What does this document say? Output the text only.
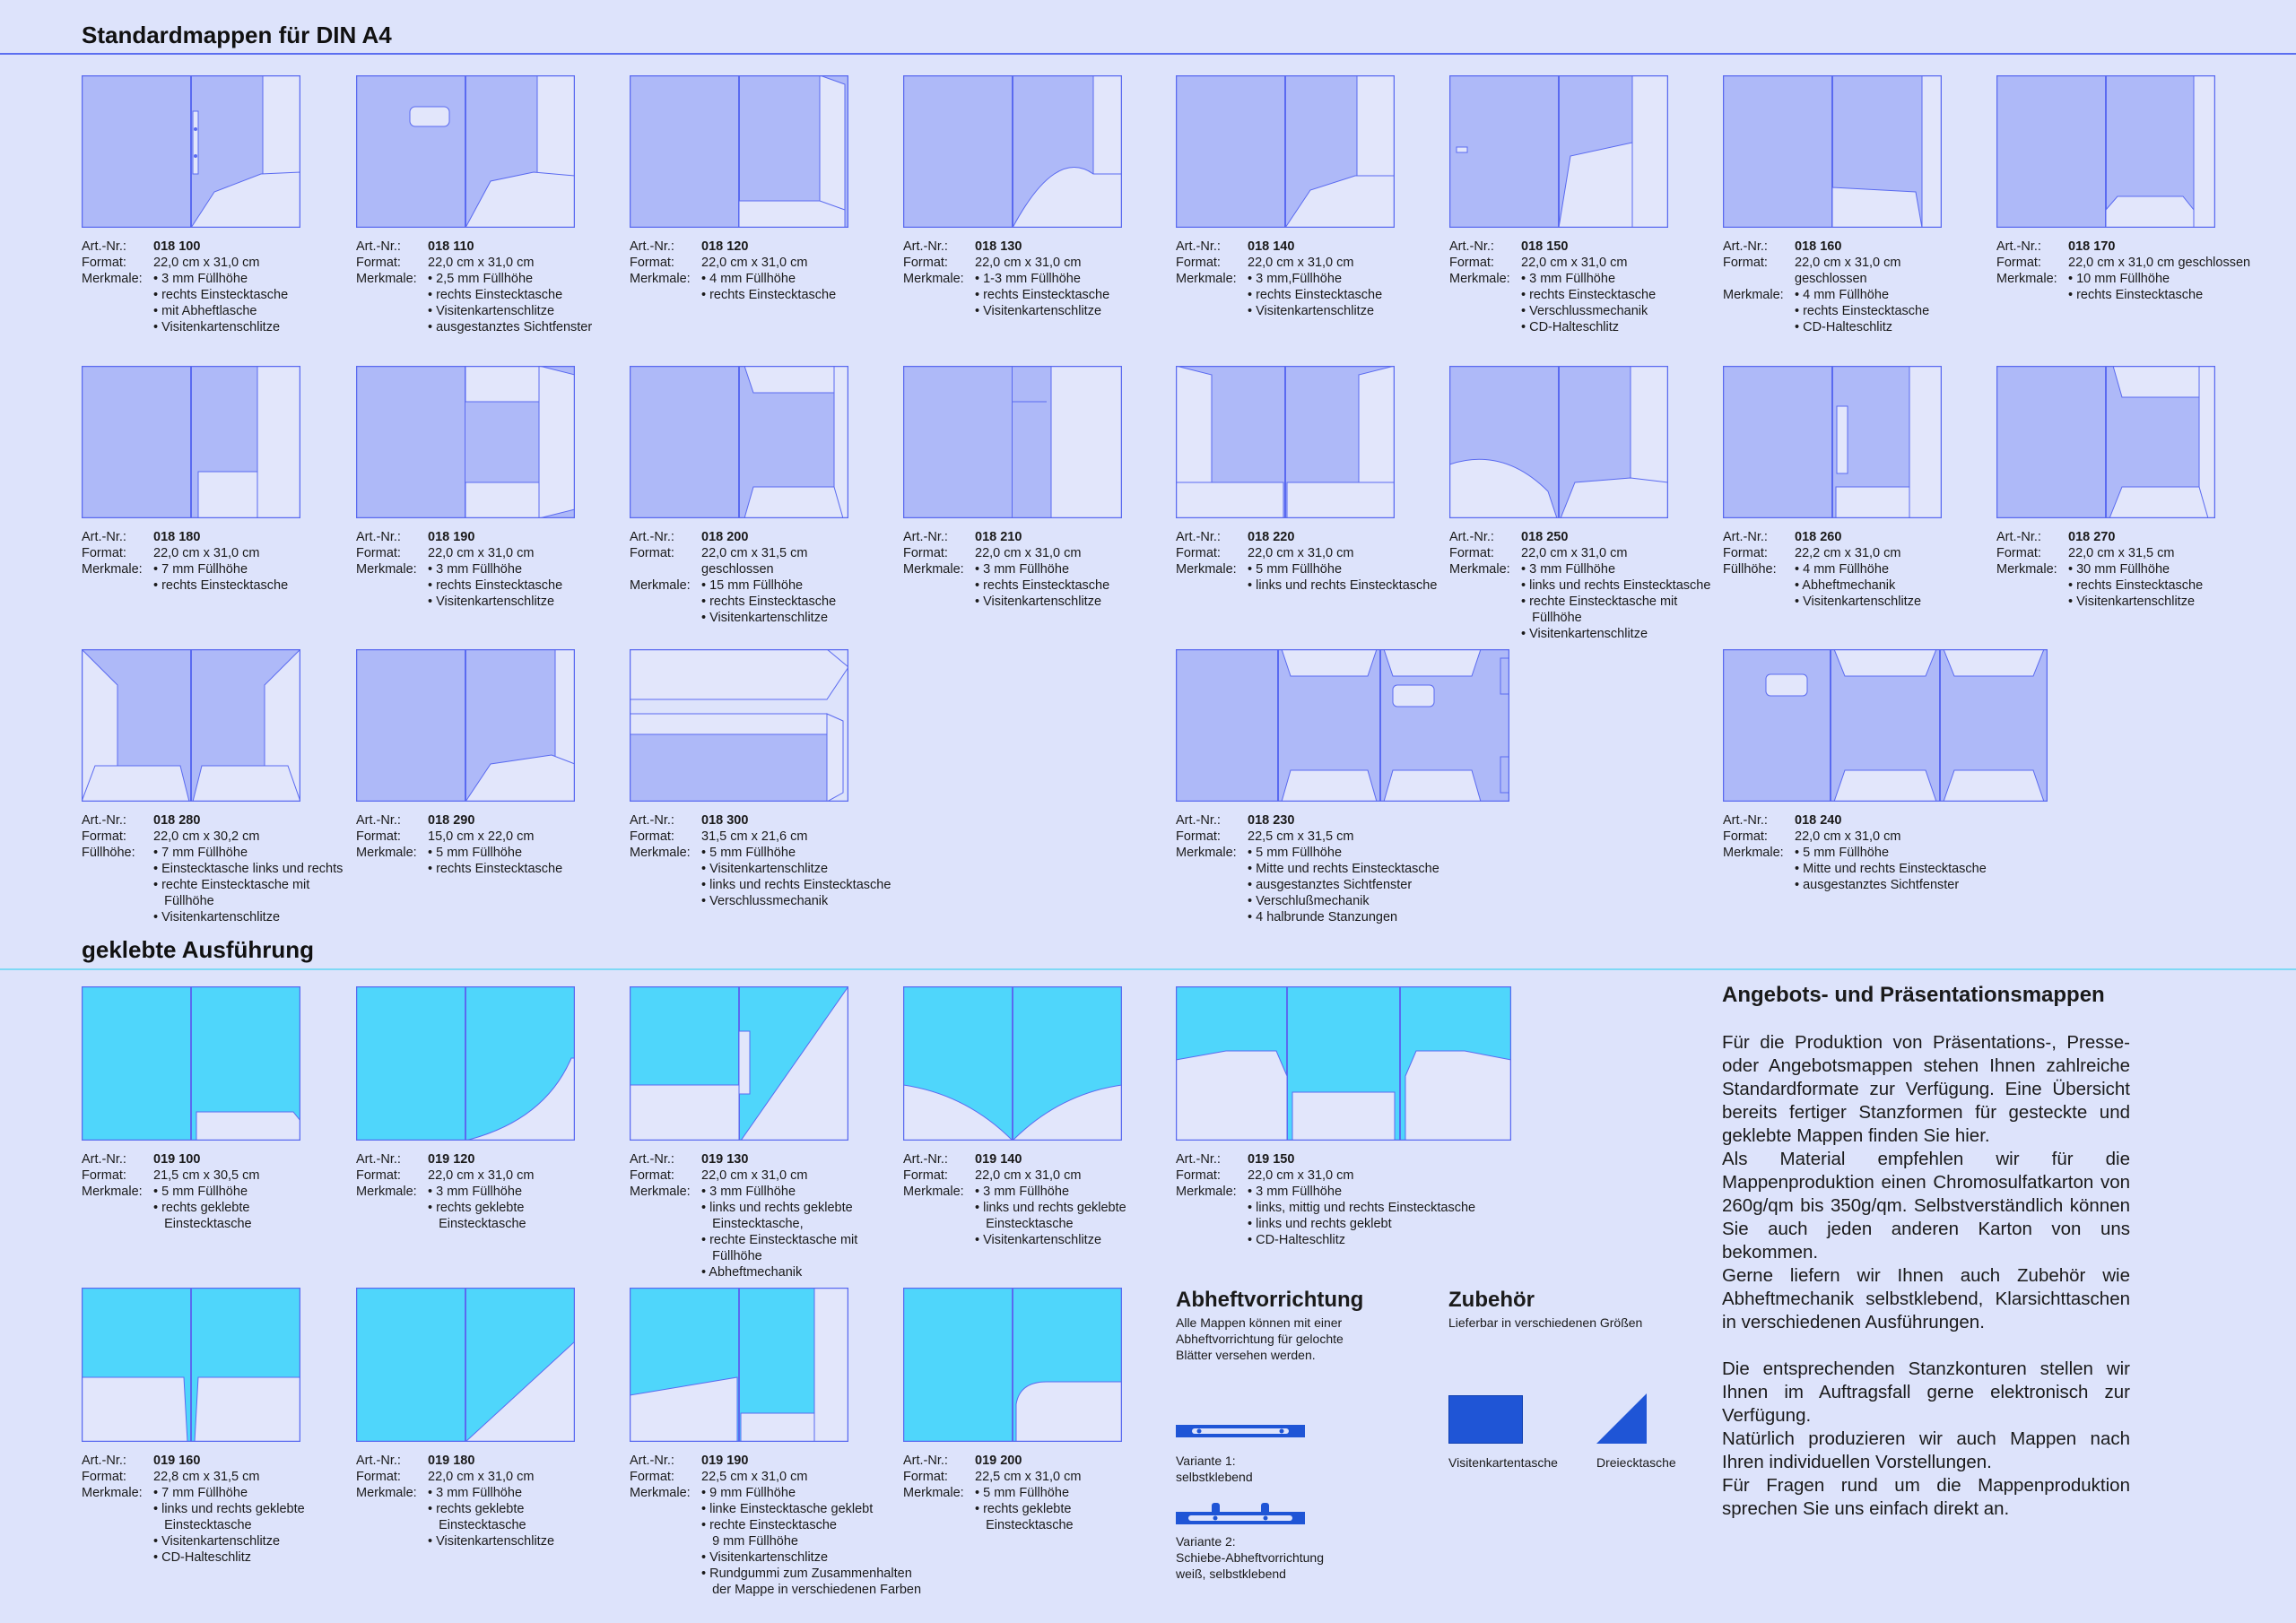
Standardmappen für DIN A4
geklebte Ausführung
Art.-Nr.:
Format:
Merkmale:
018 100
22,0 cm x 31,0 cm
• 3 mm Füllhöhe
• rechts Einstecktasche
• mit Abheftlasche
• Visitenkartenschlitze
Art.-Nr.:
Format:
Merkmale:
018 110
22,0 cm x 31,0 cm
• 2,5 mm Füllhöhe
• rechts Einstecktasche
• Visitenkartenschlitze
• ausgestanztes Sichtfenster
Art.-Nr.:
Format:
Merkmale:
018 120
22,0 cm x 31,0 cm
• 4 mm Füllhöhe
• rechts Einstecktasche
Art.-Nr.:
Format:
Merkmale:
018 130
22,0 cm x 31,0 cm
• 1-3 mm Füllhöhe
• rechts Einstecktasche
• Visitenkartenschlitze
Art.-Nr.:
Format:
Merkmale:
018 140
22,0 cm x 31,0 cm
• 3 mm,Füllhöhe
• rechts Einstecktasche
• Visitenkartenschlitze
Art.-Nr.:
Format:
Merkmale:
018 150
22,0 cm x 31,0 cm
• 3 mm Füllhöhe
• rechts Einstecktasche
• Verschlussmechanik
• CD-Halteschlitz
Art.-Nr.:
Format:

Merkmale:
018 160
22,0 cm x 31,0 cm
geschlossen
• 4 mm Füllhöhe
• rechts Einstecktasche
• CD-Halteschlitz
Art.-Nr.:
Format:
Merkmale:
018 170
22,0 cm x 31,0 cm geschlossen
• 10 mm Füllhöhe
• rechts Einstecktasche
Art.-Nr.:
Format:
Merkmale:
018 180
22,0 cm x 31,0 cm
• 7 mm Füllhöhe
• rechts Einstecktasche
Art.-Nr.:
Format:
Merkmale:
018 190
22,0 cm x 31,0 cm
• 3 mm Füllhöhe
• rechts Einstecktasche
• Visitenkartenschlitze
Art.-Nr.:
Format:

Merkmale:
018 200
22,0 cm x 31,5 cm
geschlossen
• 15 mm Füllhöhe
• rechts Einstecktasche
• Visitenkartenschlitze
Art.-Nr.:
Format:
Merkmale:
018 210
22,0 cm x 31,0 cm
• 3 mm Füllhöhe
• rechts Einstecktasche
• Visitenkartenschlitze
Art.-Nr.:
Format:
Merkmale:
018 220
22,0 cm x 31,0 cm
• 5 mm Füllhöhe
• links und rechts Einstecktasche
Art.-Nr.:
Format:
Merkmale:
018 250
22,0 cm x 31,0 cm
• 3 mm Füllhöhe
• links und rechts Einstecktasche
• rechte Einstecktasche mit
Füllhöhe
• Visitenkartenschlitze
Art.-Nr.:
Format:
Füllhöhe:
018 260
22,2 cm x 31,0 cm
• 4 mm Füllhöhe
• Abheftmechanik
• Visitenkartenschlitze
Art.-Nr.:
Format:
Merkmale:
018 270
22,0 cm x 31,5 cm
• 30 mm Füllhöhe
• rechts Einstecktasche
• Visitenkartenschlitze
Art.-Nr.:
Format:
Füllhöhe:
018 280
22,0 cm x 30,2 cm
• 7 mm Füllhöhe
• Einstecktasche links und rechts
• rechte Einstecktasche mit
Füllhöhe
• Visitenkartenschlitze
Art.-Nr.:
Format:
Merkmale:
018 290
15,0 cm x 22,0 cm
• 5 mm Füllhöhe
• rechts Einstecktasche
Art.-Nr.:
Format:
Merkmale:
018 300
31,5 cm x 21,6 cm
• 5 mm Füllhöhe
• Visitenkartenschlitze
• links und rechts Einstecktasche
• Verschlussmechanik
Art.-Nr.:
Format:
Merkmale:
018 230
22,5 cm x 31,5 cm
• 5 mm Füllhöhe
• Mitte und rechts Einstecktasche
• ausgestanztes Sichtfenster
• Verschlußmechanik
• 4 halbrunde Stanzungen
Art.-Nr.:
Format:
Merkmale:
018 240
22,0 cm x 31,0 cm
• 5 mm Füllhöhe
• Mitte und rechts Einstecktasche
• ausgestanztes Sichtfenster
Art.-Nr.:
Format:
Merkmale:
019 100
21,5 cm x 30,5 cm
• 5 mm Füllhöhe
• rechts geklebte
Einstecktasche
Art.-Nr.:
Format:
Merkmale:
019 120
22,0 cm x 31,0 cm
• 3 mm Füllhöhe
• rechts geklebte
Einstecktasche
Art.-Nr.:
Format:
Merkmale:
019 130
22,0 cm x 31,0 cm
• 3 mm Füllhöhe
• links und rechts geklebte
Einstecktasche,
• rechte Einstecktasche mit
Füllhöhe
• Abheftmechanik
Art.-Nr.:
Format:
Merkmale:
019 140
22,0 cm x 31,0 cm
• 3 mm Füllhöhe
• links und rechts geklebte
Einstecktasche
• Visitenkartenschlitze
Art.-Nr.:
Format:
Merkmale:
019 150
22,0 cm x 31,0 cm
• 3 mm Füllhöhe
• links, mittig und rechts Einstecktasche
• links und rechts geklebt
• CD-Halteschlitz
Art.-Nr.:
Format:
Merkmale:
019 160
22,8 cm x 31,5 cm
• 7 mm Füllhöhe
• links und rechts geklebte
Einstecktasche
• Visitenkartenschlitze
• CD-Halteschlitz
Art.-Nr.:
Format:
Merkmale:
019 180
22,0 cm x 31,0 cm
• 3 mm Füllhöhe
• rechts geklebte
Einstecktasche
• Visitenkartenschlitze
Art.-Nr.:
Format:
Merkmale:
019 190
22,5 cm x 31,0 cm
• 9 mm Füllhöhe
• linke Einstecktasche geklebt
• rechte Einstecktasche
9 mm Füllhöhe
• Visitenkartenschlitze
• Rundgummi zum Zusammenhalten
der Mappe in verschiedenen Farben
Art.-Nr.:
Format:
Merkmale:
019 200
22,5 cm x 31,0 cm
• 5 mm Füllhöhe
• rechts geklebte
Einstecktasche
Abheftvorrichtung
Alle Mappen können mit einer
Abheftvorrichtung für gelochte
Blätter versehen werden.
Variante 1:
selbstklebend
Variante 2:
Schiebe-Abheftvorrichtung
weiß, selbstklebend
Zubehör
Lieferbar in verschiedenen Größen
Visitenkartentasche	Dreiecktasche
Angebots- und Präsentationsmappen
Für die Produktion von Präsentations-, Presse- oder Angebotsmappen stehen Ihnen zahlreiche Standardformate zur Verfügung. Eine Übersicht bereits fertiger Stanzformen für gesteckte und geklebte Mappen finden Sie hier.
Als Material empfehlen wir für die Mappenproduktion einen Chromosulfatkarton von 260g/qm bis 350g/qm. Selbstverständlich können Sie auch jeden anderen Karton von uns bekommen.
Gerne liefern wir Ihnen auch Zubehör wie Abheftmechanik selbstklebend, Klarsichttaschen in verschiedenen Ausführungen.
Die entsprechenden Stanzkonturen stellen wir Ihnen im Auftragsfall gerne elektronisch zur Verfügung.
Natürlich produzieren wir auch Mappen nach Ihren individuellen Vorstellungen.
Für Fragen rund um die Mappenproduktion sprechen Sie uns einfach direkt an.
